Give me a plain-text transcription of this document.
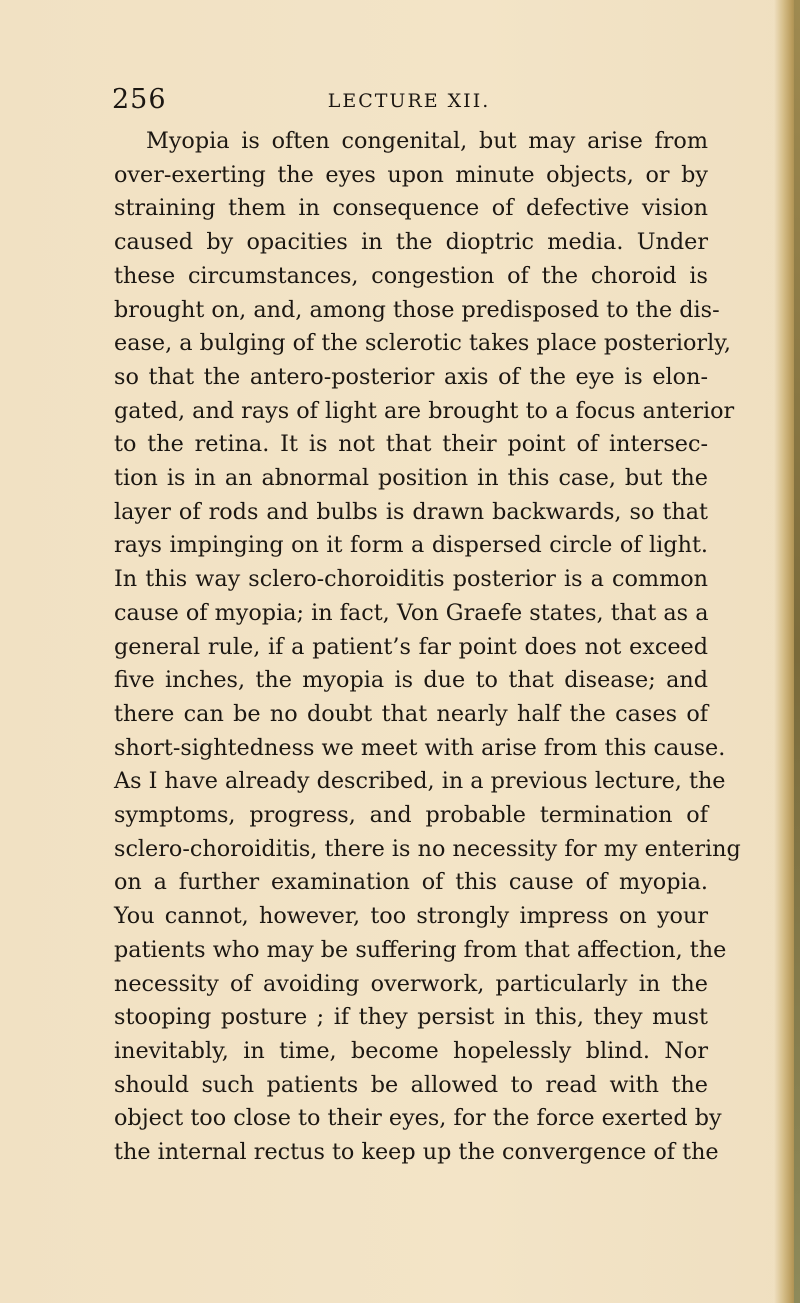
256	LECTURE XII.
Myopia is often congenital, but may arise from
over-exerting the eyes upon minute objects, or by
straining them in consequence of defective vision
caused by opacities in the dioptric media. Under
these circumstances, congestion of the choroid is
brought on, and, among those predisposed to the dis-
ease, a bulging of the sclerotic takes place posteriorly,
so that the antero-posterior axis of the eye is elon-
gated, and rays of light are brought to a focus anterior
to the retina. It is not that their point of intersec-
tion is in an abnormal position in this case, but the
layer of rods and bulbs is drawn backwards, so that
rays impinging on it form a dispersed circle of light.
In this way sclero-choroiditis posterior is a common
cause of myopia; in fact, Von Graefe states, that as a
general rule, if a patient’s far point does not exceed
five inches, the myopia is due to that disease; and
there can be no doubt that nearly half the cases of
short-sightedness we meet with arise from this cause.
As I have already described, in a previous lecture, the
symptoms, progress, and probable termination of
sclero-choroiditis, there is no necessity for my entering
on a further examination of this cause of myopia.
You cannot, however, too strongly impress on your
patients who may be suffering from that affection, the
necessity of avoiding overwork, particularly in the
stooping posture ; if they persist in this, they must
inevitably, in time, become hopelessly blind. Nor
should such patients be allowed to read with the
object too close to their eyes, for the force exerted by
the internal rectus to keep up the convergence of the
